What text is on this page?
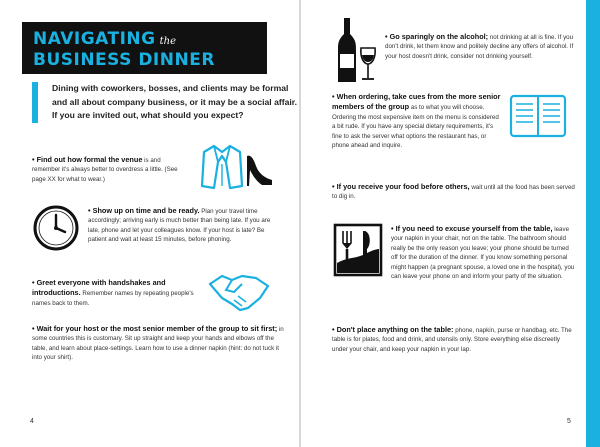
NAVIGATING the
BUSINESS DINNER
Dining with coworkers, bosses, and clients may be formal and all about company business, or it may be a social affair. If you are invited out, what should you expect?
• Find out how formal the venue is and remember it's always better to overdress a little. (See page XX for what to wear.)
• Show up on time and be ready. Plan your travel time accordingly; arriving early is much better than being late. If you are late, phone and let your colleagues know. If your host is late? Be patient and wait at least 15 minutes, before phoning.
• Greet everyone with handshakes and introductions. Remember names by repeating people's names back to them.
• Wait for your host or the most senior member of the group to sit first; in some countries this is customary. Sit up straight and keep your hands and elbows off the table, and learn about place-settings. Learn how to use a dinner napkin (hint: do not tuck it into your shirt).
4
• Go sparingly on the alcohol; not drinking at all is fine. If you don't drink, let them know and politely decline any offers of alcohol. If your host doesn't drink, consider not drinking yourself.
• When ordering, take cues from the more senior members of the group as to what you will choose. Ordering the most expensive item on the menu is considered a bit rude. If you have any special dietary requirements, it's fine to ask the server what options the restaurant has, or phone ahead and inquire.
• If you receive your food before others, wait until all the food has been served to dig in.
• If you need to excuse yourself from the table, leave your napkin in your chair, not on the table. The bathroom should really be the only reason you leave; your phone should be turned off for the duration of the dinner. If you know something personal might happen (a pregnant spouse, a loved one in the hospital), you can leave your phone on and inform your party of the situation.
• Don't place anything on the table: phone, napkin, purse or handbag, etc. The table is for plates, food and drink, and utensils only. Store everything else discreetly under your chair, and keep your napkin in your lap.
5
